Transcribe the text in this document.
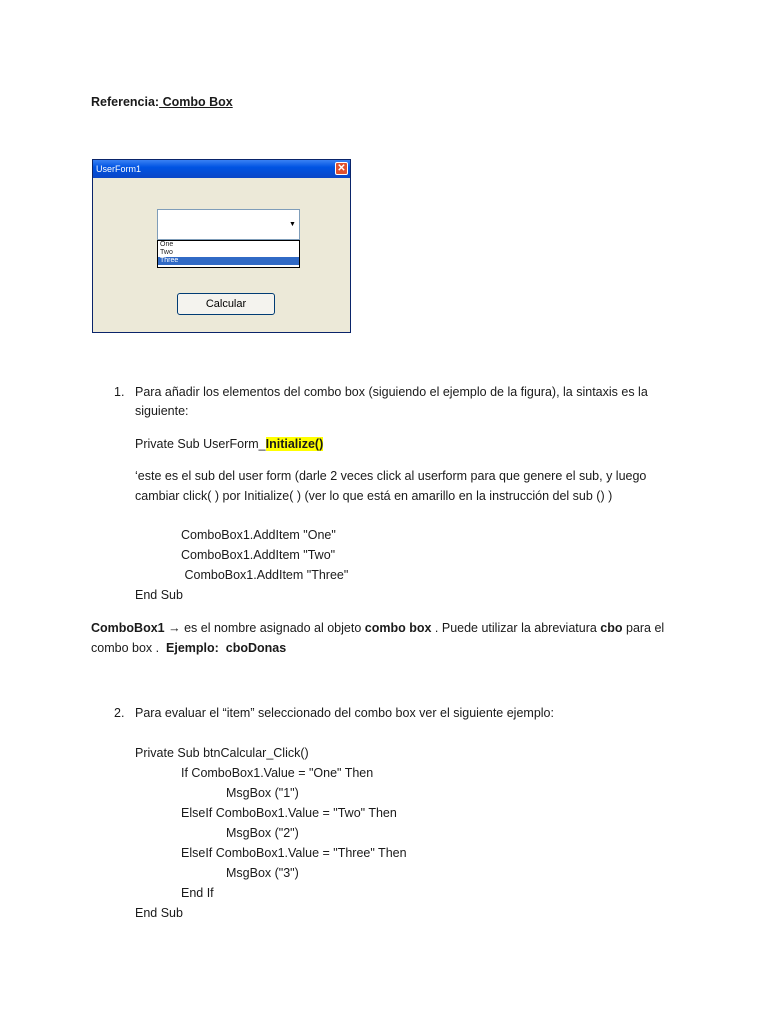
Referencia: Combo Box
UserForm1	✕
▼
One
Two
Three
Calcular
1. Para añadir los elementos del combo box (siguiendo el ejemplo de la figura), la sintaxis es la
siguiente:
Private Sub UserForm_Initialize()
‘este es el sub del user form (darle 2 veces click al userform para que genere el sub, y luego
cambiar click( ) por Initialize( ) (ver lo que está en amarillo en la instrucción del sub () )
ComboBox1.AddItem "One"
ComboBox1.AddItem "Two"
ComboBox1.AddItem "Three"
End Sub
ComboBox1 → es el nombre asignado al objeto combo box . Puede utilizar la abreviatura cbo para el
combo box .  Ejemplo:  cboDonas
2. Para evaluar el “item” seleccionado del combo box ver el siguiente ejemplo:
Private Sub btnCalcular_Click()
If ComboBox1.Value = "One" Then
MsgBox ("1")
ElseIf ComboBox1.Value = "Two" Then
MsgBox ("2")
ElseIf ComboBox1.Value = "Three" Then
MsgBox ("3")
End If
End Sub
